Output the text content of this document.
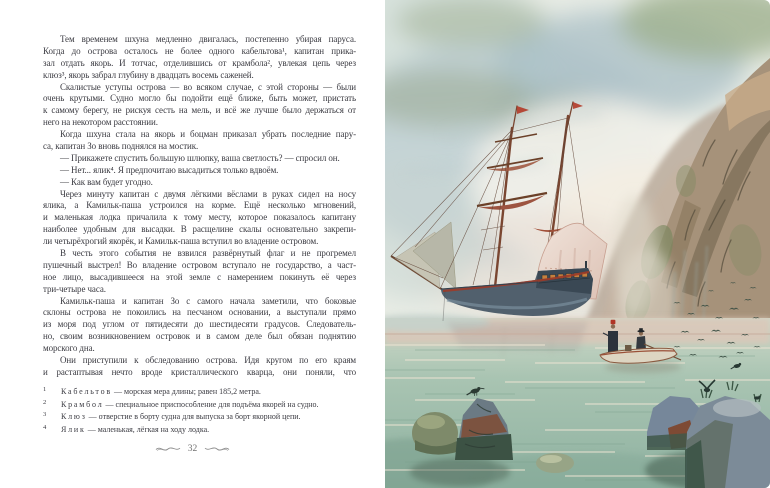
Тем временем шхуна медленно двигалась, постепенно убирая паруса.
Когда до острова осталось не более одного кабельтова¹, капитан прика-
зал отдать якорь. И тотчас, отделившись от крамбола², увлекая цепь через
клюз³, якорь забрал глубину в двадцать восемь саженей.
Скалистые уступы острова — во всяком случае, с этой стороны — были
очень крутыми. Судно могло бы подойти ещё ближе, быть может, пристать
к самому берегу, не рискуя сесть на мель, и всё же лучше было держаться от
него на некотором расстоянии.
Когда шхуна стала на якорь и боцман приказал убрать последние пару-
са, капитан Зо вновь поднялся на мостик.
— Прикажете спустить большую шлюпку, ваша светлость? — спросил он.
— Нет... ялик⁴. Я предпочитаю высадиться только вдвоём.
— Как вам будет угодно.
Через минуту капитан с двумя лёгкими вёслами в руках сидел на носу
ялика, а Камильк-паша устроился на корме. Ещё несколько мгновений,
и маленькая лодка причалила к тому месту, которое показалось капитану
наиболее удобным для высадки. В расщелине скалы основательно закрепи-
ли четырёхрогий якорёк, и Камильк-паша вступил во владение островом.
В честь этого события не взвился развёрнутый флаг и не прогремел
пушечный выстрел! Во владение островом вступало не государство, а част-
ное лицо, высадившееся на этой земле с намерением покинуть её через
три-четыре часа.
Камильк-паша и капитан Зо с самого начала заметили, что боковые
склоны острова не покоились на песчаном основании, а выступали прямо
из моря под углом от пятидесяти до шестидесяти градусов. Следователь-
но, своим возникновением островок и в самом деле был обязан поднятию
морского дна.
Они приступили к обследованию острова. Идя кругом по его краям
и растаптывая нечто вроде кристаллического кварца, они поняли, что
1 Кабельтов — морская мера длины; равен 185,2 метра.
2 Крамбол — специальное приспособление для подъёма якорей на судно.
3 Клюз — отверстие в борту судна для выпуска за борт якорной цепи.
4 Ялик — маленькая, лёгкая на ходу лодка.
32
